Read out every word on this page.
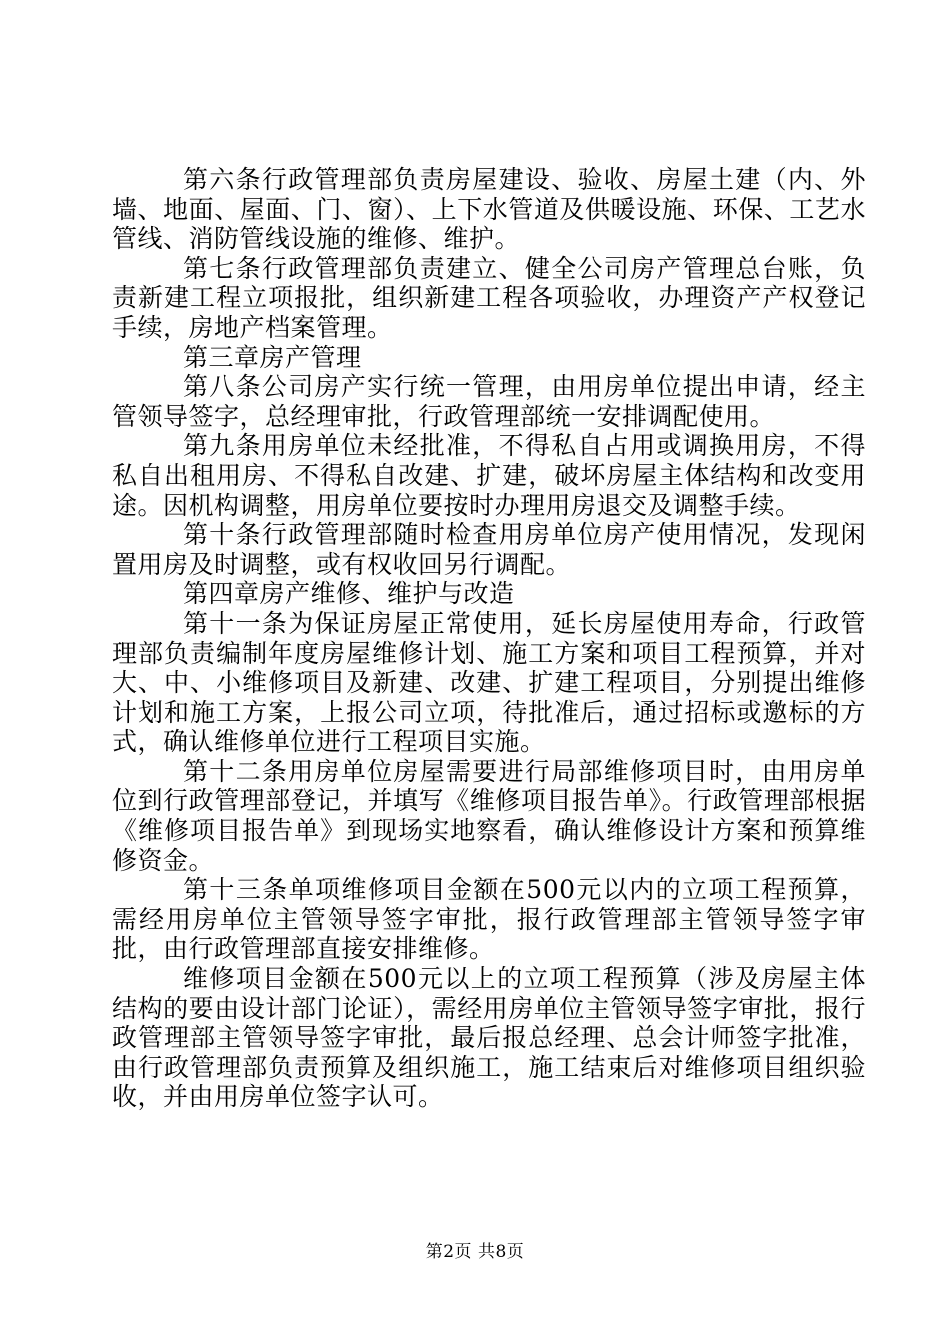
第六条行政管理部负责房屋建设、验收、房屋土建（内、外墙、地面、屋面、门、窗）、上下水管道及供暖设施、环保、工艺水管线、消防管线设施的维修、维护。

第七条行政管理部负责建立、健全公司房产管理总台账，负责新建工程立项报批，组织新建工程各项验收，办理资产产权登记手续，房地产档案管理。

第三章房产管理

第八条公司房产实行统一管理，由用房单位提出申请，经主管领导签字，总经理审批，行政管理部统一安排调配使用。

第九条用房单位未经批准，不得私自占用或调换用房，不得私自出租用房、不得私自改建、扩建，破坏房屋主体结构和改变用途。因机构调整，用房单位要按时办理用房退交及调整手续。

第十条行政管理部随时检查用房单位房产使用情况，发现闲置用房及时调整，或有权收回另行调配。

第四章房产维修、维护与改造

第十一条为保证房屋正常使用，延长房屋使用寿命，行政管理部负责编制年度房屋维修计划、施工方案和项目工程预算，并对大、中、小维修项目及新建、改建、扩建工程项目，分别提出维修计划和施工方案，上报公司立项，待批准后，通过招标或邀标的方式，确认维修单位进行工程项目实施。

第十二条用房单位房屋需要进行局部维修项目时，由用房单位到行政管理部登记，并填写《维修项目报告单》。行政管理部根据《维修项目报告单》到现场实地察看，确认维修设计方案和预算维修资金。

第十三条单项维修项目金额在500元以内的立项工程预算，需经用房单位主管领导签字审批，报行政管理部主管领导签字审批，由行政管理部直接安排维修。

维修项目金额在500元以上的立项工程预算（涉及房屋主体结构的要由设计部门论证），需经用房单位主管领导签字审批，报行政管理部主管领导签字审批，最后报总经理、总会计师签字批准，由行政管理部负责预算及组织施工，施工结束后对维修项目组织验收，并由用房单位签字认可。

第2页 共8页
